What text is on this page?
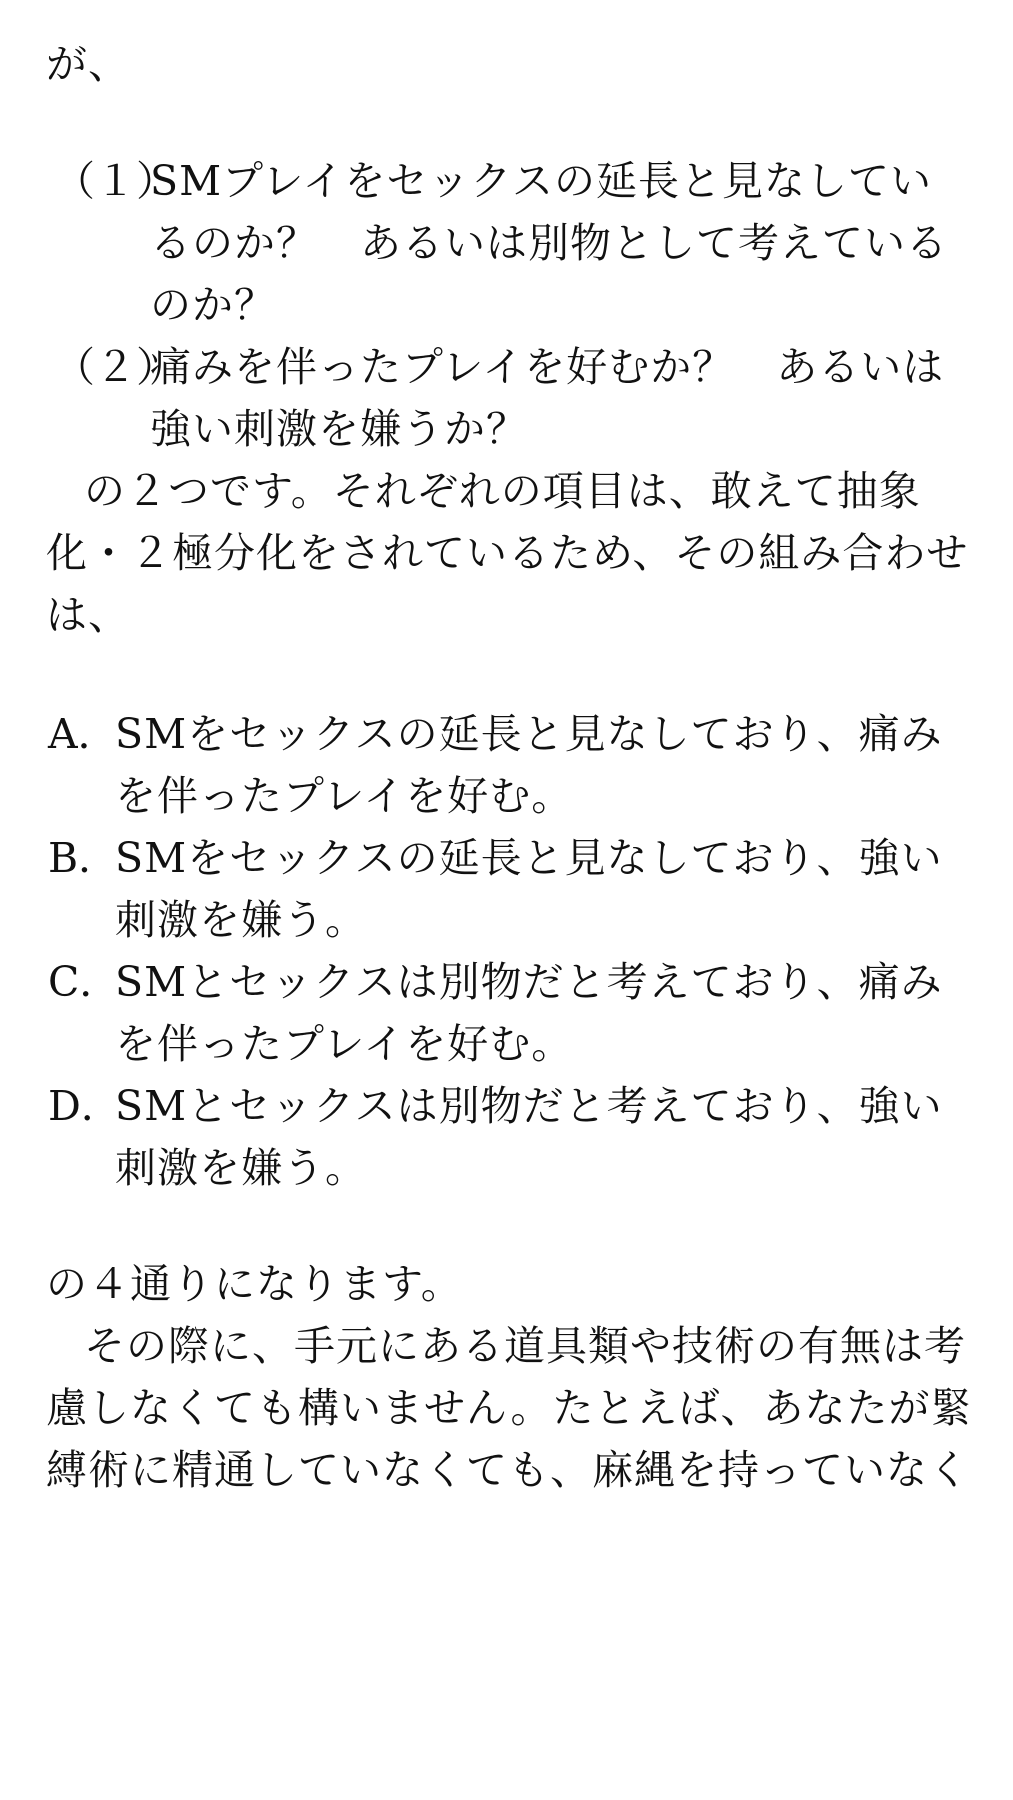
が、
（１）
SMプレイをセックスの延長と見なしてい
るのか？　あるいは別物として考えている
のか？
（２）
痛みを伴ったプレイを好むか？　あるいは
強い刺激を嫌うか？
の２つです。それぞれの項目は、敢えて抽象
化・２極分化をされているため、その組み合わせ
は、
A．
SMをセックスの延長と見なしており、痛み
を伴ったプレイを好む。
B．
SMをセックスの延長と見なしており、強い
刺激を嫌う。
C．
SMとセックスは別物だと考えており、痛み
を伴ったプレイを好む。
D．
SMとセックスは別物だと考えており、強い
刺激を嫌う。
の４通りになります。
その際に、手元にある道具類や技術の有無は考
慮しなくても構いません。たとえば、あなたが緊
縛術に精通していなくても、麻縄を持っていなく
